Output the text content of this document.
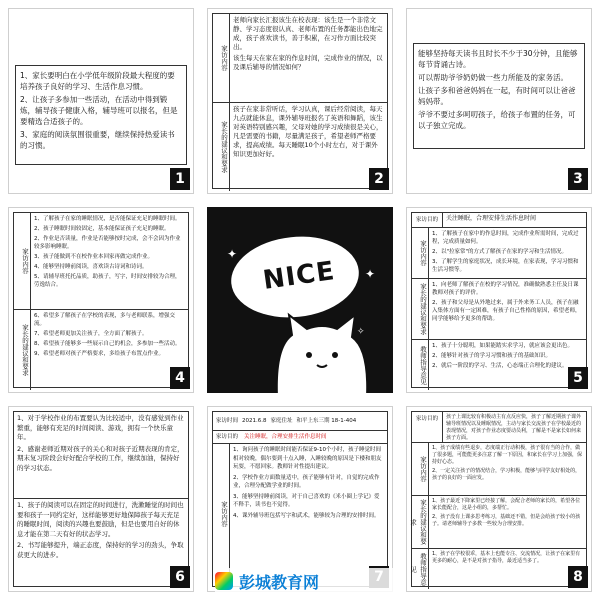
1、家长要明白在小学低年级阶段最大程度的要培养孩子良好的学习、生活作息习惯。

2、让孩子多参加一些活动，在活动中得到锻炼，辅导孩子健康入格，辅导班可以报名，但是要精选合适孩子的。

3、家庭的阅读氛围很重要，继续保持热爱读书的习惯。

1
家访内容

老师向家长汇报该生在校表现：该生是一个非常文静、学习态度很认真、老师布置的任务都能出色地完成，孩子喜欢读书，善于积累，在习作方面比较突出。

该生每天在家在家的作息时间，完成作业的情况，以及课后辅导的情况如何？

家长的建议和要求

孩子在家非常听话，学习认真，课后经常阅读，每天九点就能休息，课外辅导班报名了英语和舞蹈，该生对英语特别感兴趣，父母对她的学习成绩很是关心，凡是需要的书籍，尽量满足孩子，希望老师严格要求，提高成绩。每天睡眠10个小时左右，对于课外知识更加好好。

2

能够坚持每天读书且时长不少于30分钟，且能够每节背诵古诗。

可以帮助爷爷奶奶做一些力所能及的家务活。

让孩子多和爸爸妈妈在一起，有时间可以让爸爸妈妈带。

爷爷不要过多呵叨孩子，给孩子布置的任务，可以子独立完成。

3
家访内容

1、了解孩子在家的睡眠情况，是否能保证充足的睡眠时间。

2、孩子睡眠时间较固定，基本能保证孩子充足的睡眠。

2、作业是否读量，作业是否能够按时完成，会不会因为作业较多影响睡眠。

3、孩子能做到不在校作业本回家再做完成作业。

4、能够坚持睡前阅读，喜欢读古诗词和诗词。

5、请辅导班托托品质，助孩子，写字，时间安排较为合理，劳逸结合。

家长的建议和要求

6、希望多了解孩子在学校的表现，多与老师联系，增强交流。

7、希望老师更加关注孩子，全方面了解孩子。

8、希望孩子能够多一些展示自己的机会，多参加一些活动。

9、希望老师对孩子严格要求，多给孩子布置点作业。

4
NICE
✦
✦
✧
家访目的	关注睡眠，合理安排生活作息时间
家访内容

1、了解孩子在家中的作息时间，完成作业所需时间，完成过程，完成质量如何。

2、以"拉家常"的方式了解孩子在家的学习和生活情况。

3、了解学生的家庭状况，成长环境，在家表现，学习习惯和生活习惯等。

家长的建议和要求 1、向老师了解孩子在校的学习情况，准确做熟悉主任及日课教师对孩子的评价。

2、孩子和父母是从外地过来，属于外来务工人员，孩子在融入集体方面有一定困难，有孩子自己性格的原因，希望老师，同学能够给予更多的帮助。

教师指导意见 1、孩子十分聪明，如果能踏实求学习，就应该会更出色。

2、能够针对孩子的学习习惯和孩子的基础知识。

2、就后一阶段的学习、生活，心态端正合理化的建议。

5

1、对于学校作业的布置要认为比较适中，没有感觉到作业繁重，能够有充足的时间阅读、游戏，拥有一个快乐童年。

2、感谢老师近期对孩子的关心和对孩子近期表现的肯定，期末复习阶段会好好配合学校的工作，继续加油，保持好的学习状态。

1、孩子的阅读可以在固定的时间进行，洗漱睡觉的时间也要和孩子一同约定好，这样能够更好地保障孩子每天充足的睡眠时间，阅读的兴趣也要鼓励，但是也要用自好的休息才能在第二天有好的状态学习。

2、书写能够提升，端正态度，保持好的学习的劲头，争取获更大的进步。

6
家访时间 2021.6.8 家庭住址 和平上东三期 18-1-404
家访目的 关注睡眠，合理安排生活作息时间
家访内容

1、询问孩子的睡眠时间能否保证9-10个小时，孩子睡觉时间相对较晚，偶尔要到十点入睡，入睡较晚的原因是下楼和朋友玩耍，不愿回家。教师针对性提出建议。

2、学校作业方面数量适中，孩子能够有针对，自觉的完成作业，合理分配做学业的时间。

3、能够坚持睡前阅读，对于自己喜欢的《米小圈上学记》爱不释手，读书也不觉得。

4、课外辅导班包括写字和武术，能够较为合理的安排时间。

家访目的	孩子上课比较有积极动主有点反应快，孩子了解近期孩子课外辅导班情况以及睡眠情况，主动与家长交流孩子在学校最近的表现情况，对孩子作业态度要动员利，了解是不是家长如何来孩子方面。
家访内容

1、孩子成绩有些退步，态度端正行动积极，孩子很有当的合作，做了很多题，可能能更多注意了解一下原因，和家长在学习上加强，保持好心态。

2、一定关注孩子的情况结合，学习积极，能够与同学友好相处的，孩子的良好的一面应发。

家长的建议和要求

1、孩子最近下降家里已经接了解，会配合老师的家长的，希望各位家长能配合，这是小组的，多帮忙。

2、孩子没有上课多思考练习，基础还不错，但是会给孩子较小的孩子。请老师辅导子多教一些较为合理安排。

教师指导意见

1、孩子在学校很乖，基本上也能专注、交流情况，让孩子在家里有更多的耐心，是不是对孩子指导，最近适当多了。

8
彭城教育网
